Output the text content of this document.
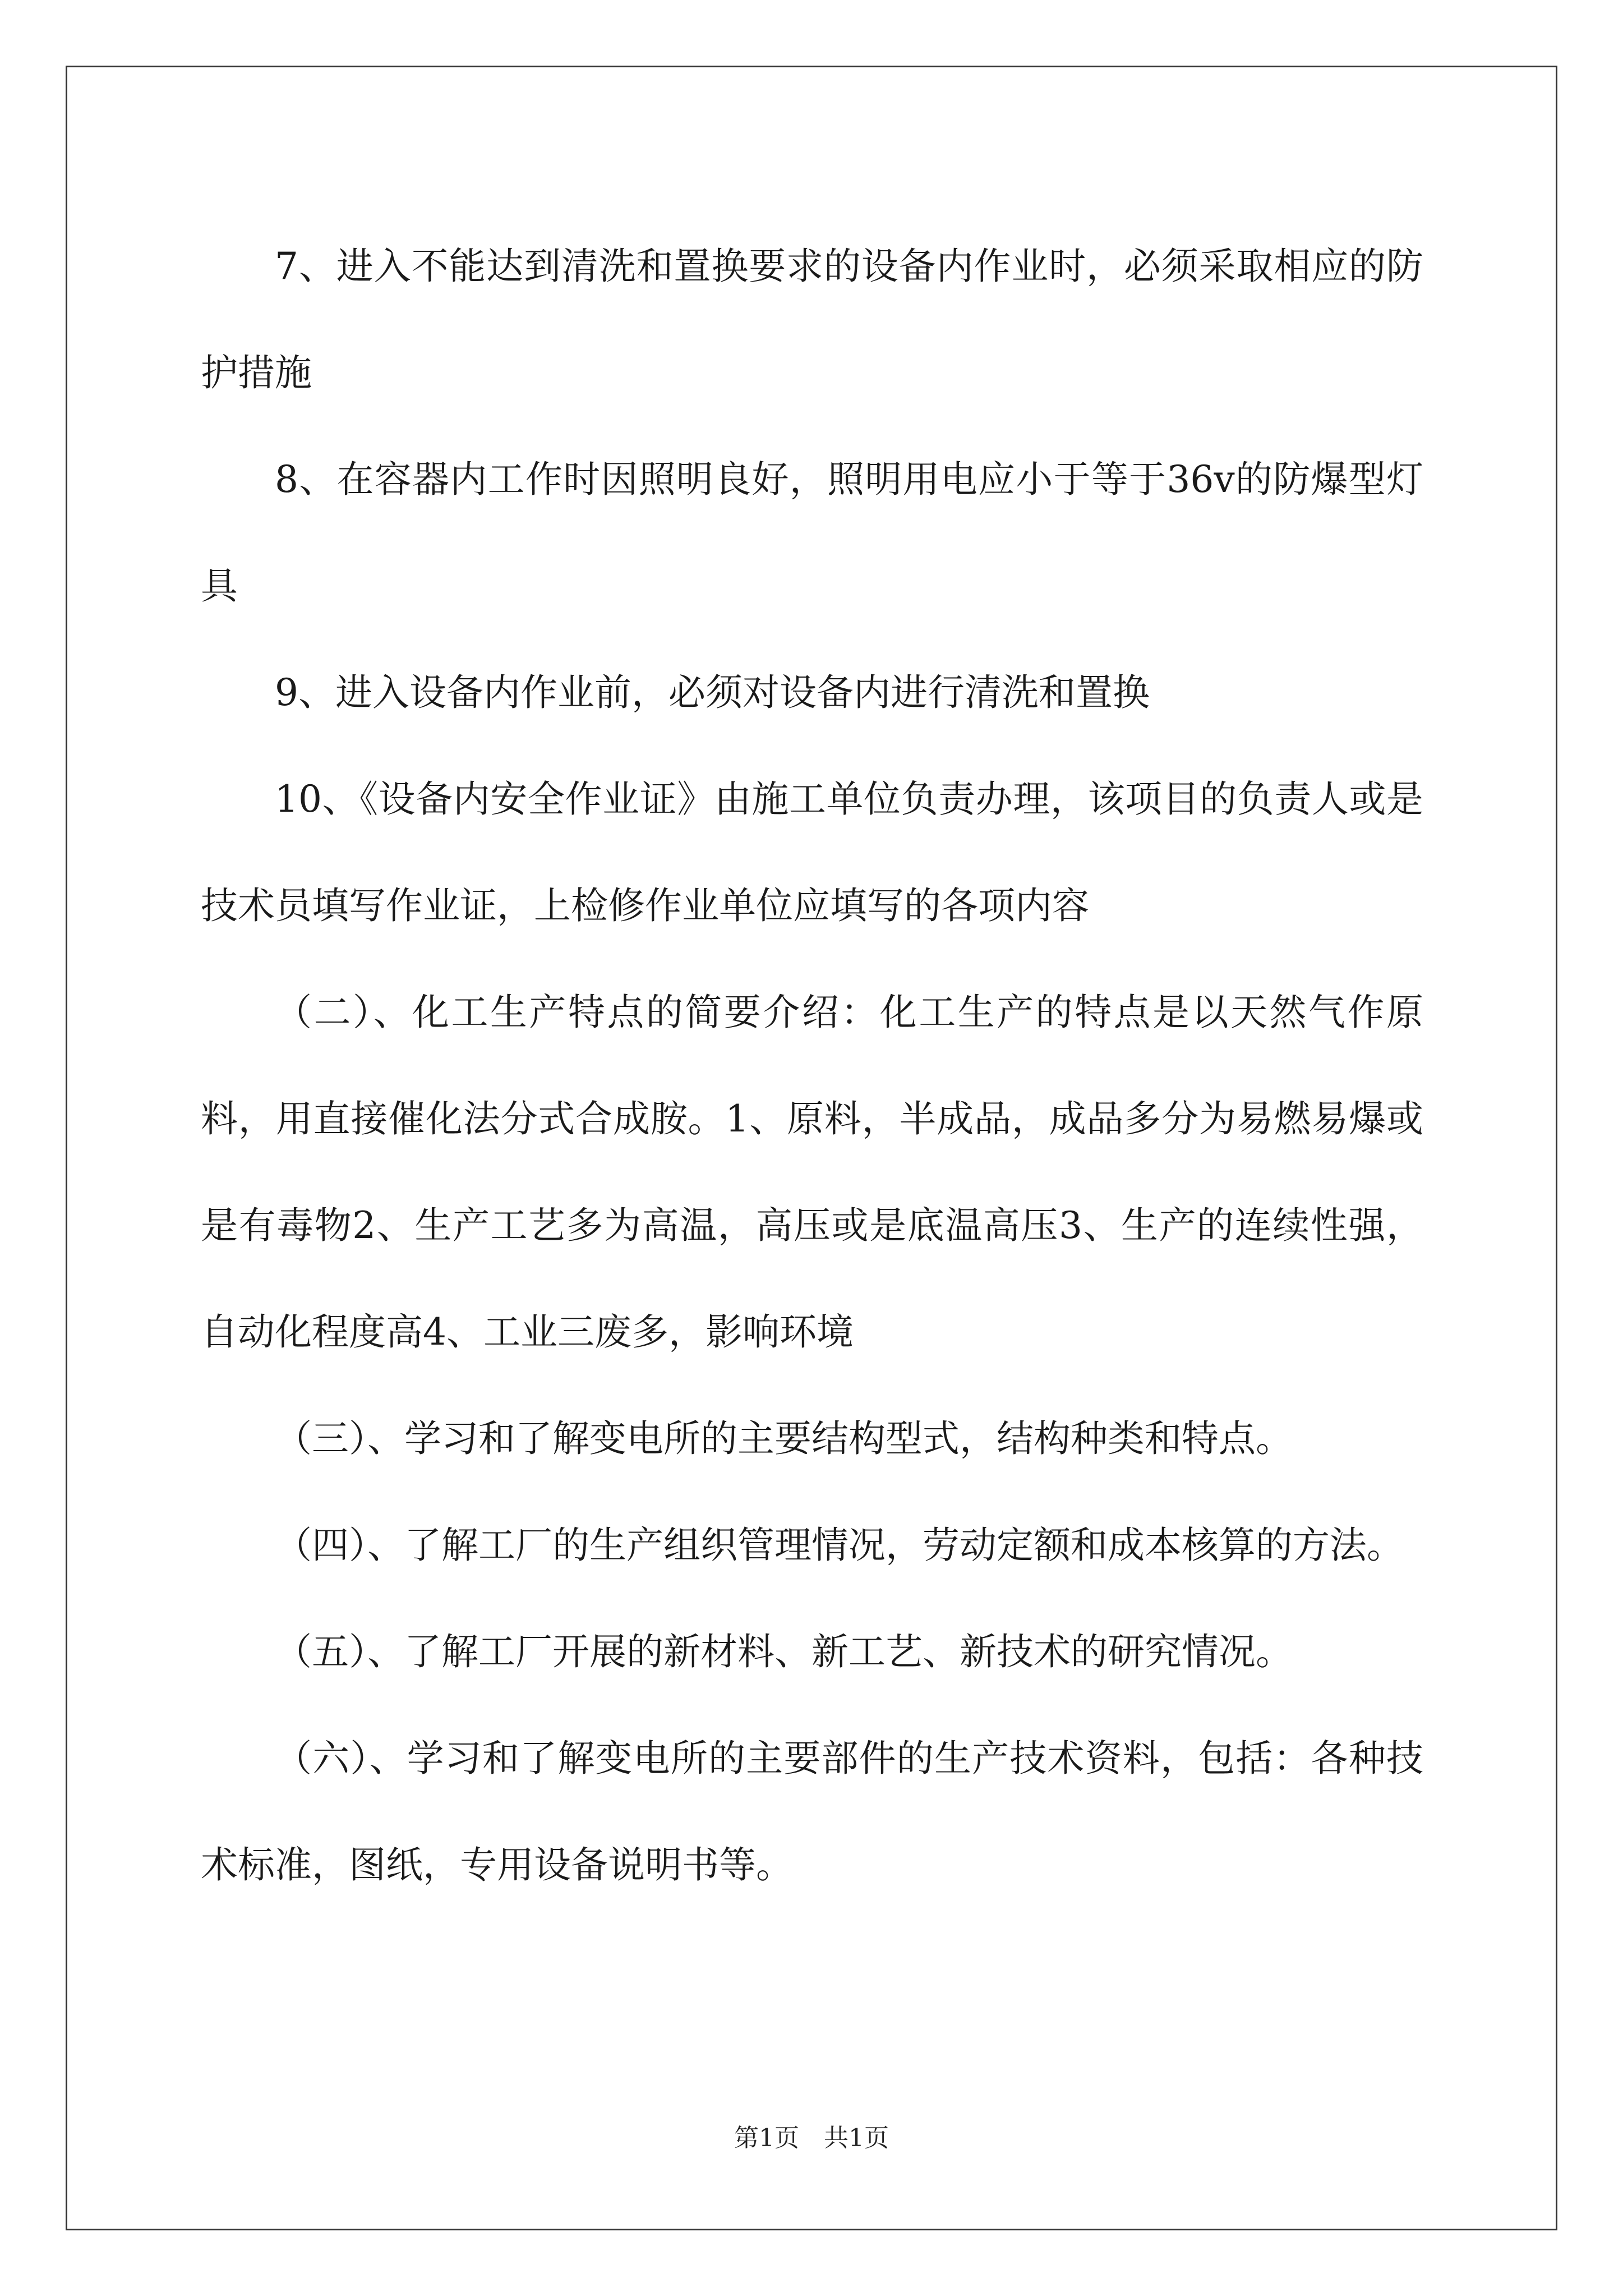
7、进入不能达到清洗和置换要求的设备内作业时，必须采取相应的防护措施

8、在容器内工作时因照明良好，照明用电应小于等于36v的防爆型灯具

9、进入设备内作业前，必须对设备内进行清洗和置换

10、《设备内安全作业证》由施工单位负责办理，该项目的负责人或是技术员填写作业证，上检修作业单位应填写的各项内容

（二）、化工生产特点的简要介绍：化工生产的特点是以天然气作原料，用直接催化法分式合成胺。1、原料，半成品，成品多分为易燃易爆或是有毒物2、生产工艺多为高温，高压或是底温高压3、生产的连续性强，自动化程度高4、工业三废多，影响环境

（三）、学习和了解变电所的主要结构型式，结构种类和特点。

（四）、了解工厂的生产组织管理情况，劳动定额和成本核算的方法。

（五）、了解工厂开展的新材料、新工艺、新技术的研究情况。

（六）、学习和了解变电所的主要部件的生产技术资料，包括：各种技术标准，图纸，专用设备说明书等。

第1页　共1页
